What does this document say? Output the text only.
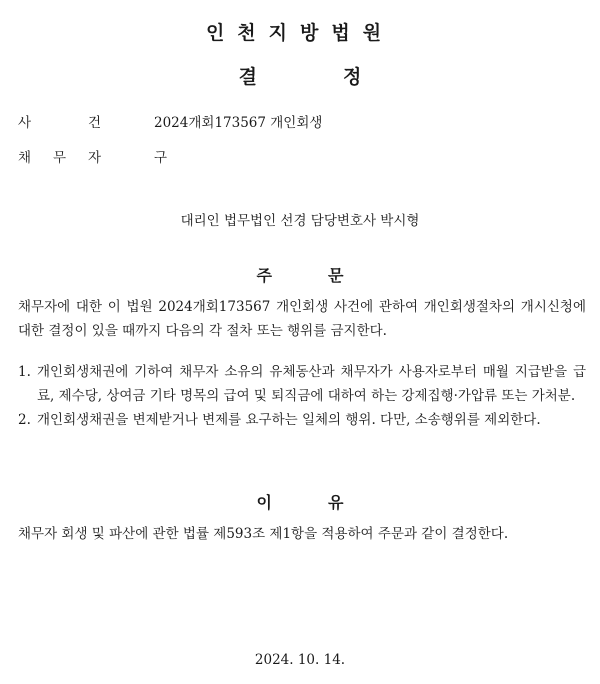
인천지방법원
결	정
사	건	2024개회173567 개인회생
채 무 자	구
대리인 법무법인 선경 담당변호사 박시형
주	문
채무자에 대한 이 법원 2024개회173567 개인회생 사건에 관하여 개인회생절차의 개시신청에 대한 결정이 있을 때까지 다음의 각 절차 또는 행위를 금지한다.
1. 개인회생채권에 기하여 채무자 소유의 유체동산과 채무자가 사용자로부터 매월 지급받을 급료, 제수당, 상여금 기타 명목의 급여 및 퇴직금에 대하여 하는 강제집행·가압류 또는 가처분.
2. 개인회생채권을 변제받거나 변제를 요구하는 일체의 행위. 다만, 소송행위를 제외한다.
이	유
채무자 회생 및 파산에 관한 법률 제593조 제1항을 적용하여 주문과 같이 결정한다.
2024. 10. 14.
